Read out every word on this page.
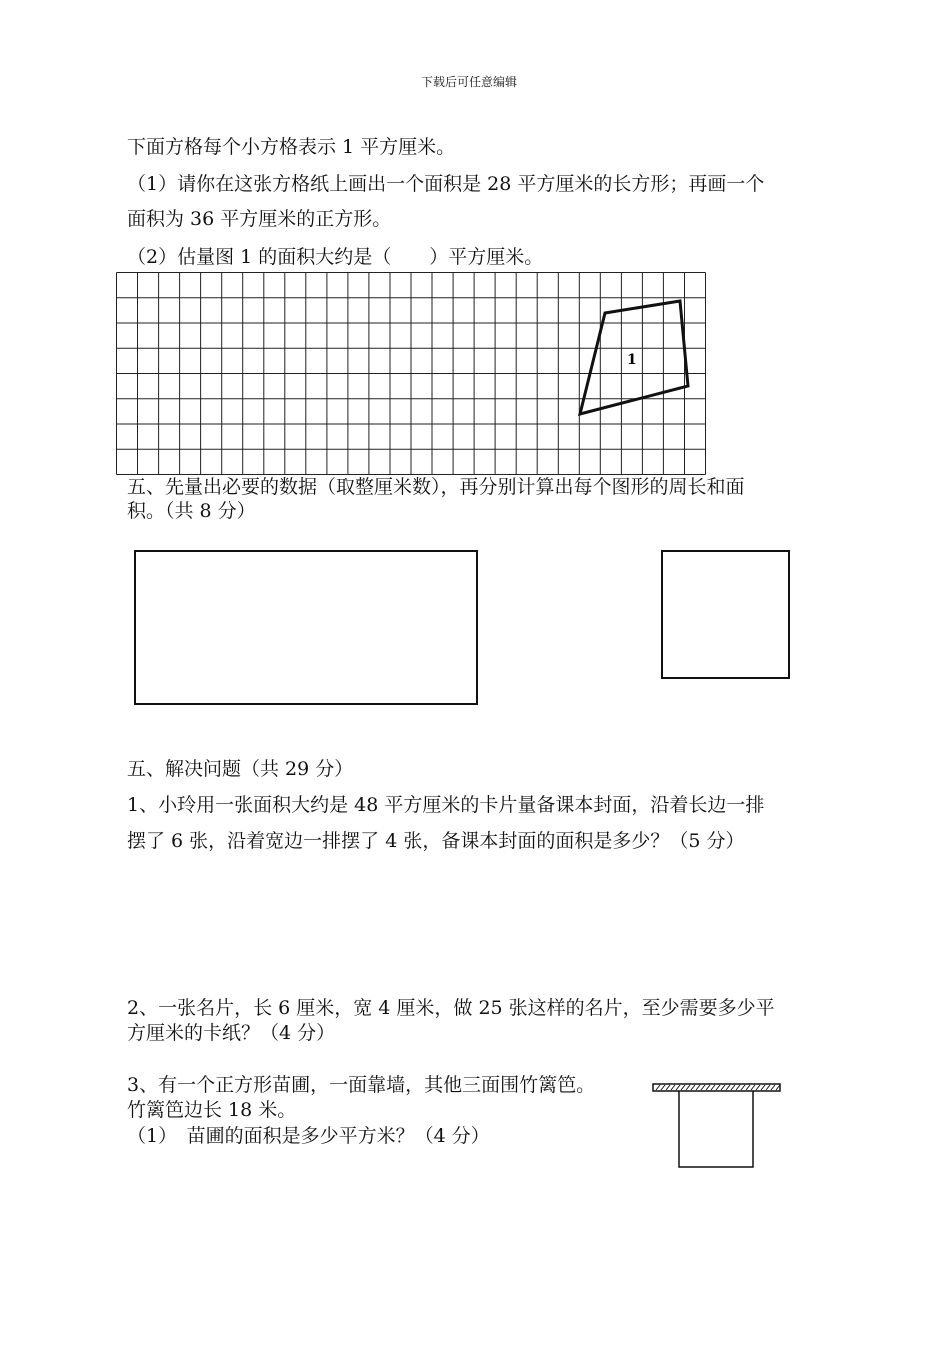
下载后可任意编辑
下面方格每个小方格表示 1 平方厘米。
（1）请你在这张方格纸上画出一个面积是 28 平方厘米的长方形；再画一个
面积为 36 平方厘米的正方形。
（2）估量图 1 的面积大约是（　　）平方厘米。
1
五、先量出必要的数据（取整厘米数），再分别计算出每个图形的周长和面
积。（共 8 分）
五、解决问题（共 29 分）
1、小玲用一张面积大约是 48 平方厘米的卡片量备课本封面，沿着长边一排
摆了 6 张，沿着宽边一排摆了 4 张，备课本封面的面积是多少？（5 分）
2、一张名片，长 6 厘米，宽 4 厘米，做 25 张这样的名片，至少需要多少平
方厘米的卡纸？（4 分）
3、有一个正方形苗圃，一面靠墙，其他三面围竹篱笆。
竹篱笆边长 18 米。
（1）　苗圃的面积是多少平方米？（4 分）
